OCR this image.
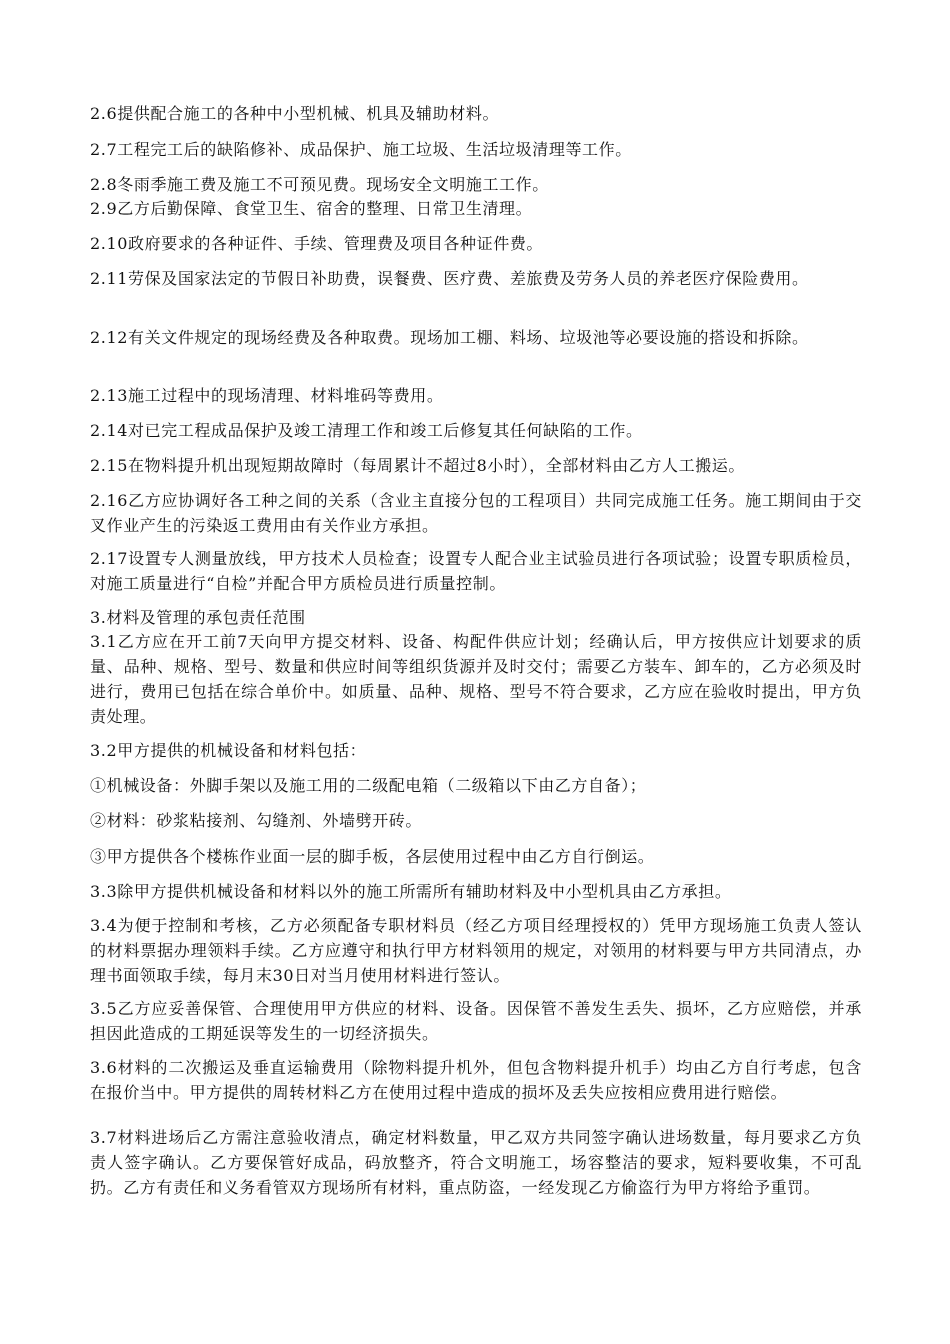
2.6提供配合施工的各种中小型机械、机具及辅助材料。

2.7工程完工后的缺陷修补、成品保护、施工垃圾、生活垃圾清理等工作。

2.8冬雨季施工费及施工不可预见费。现场安全文明施工工作。

2.9乙方后勤保障、食堂卫生、宿舍的整理、日常卫生清理。

2.10政府要求的各种证件、手续、管理费及项目各种证件费。

2.11劳保及国家法定的节假日补助费，误餐费、医疗费、差旅费及劳务人员的养老医疗保险费用。

2.12有关文件规定的现场经费及各种取费。现场加工棚、料场、垃圾池等必要设施的搭设和拆除。

2.13施工过程中的现场清理、材料堆码等费用。

2.14对已完工程成品保护及竣工清理工作和竣工后修复其任何缺陷的工作。

2.15在物料提升机出现短期故障时（每周累计不超过8小时），全部材料由乙方人工搬运。

2.16乙方应协调好各工种之间的关系（含业主直接分包的工程项目）共同完成施工任务。施工期间由于交叉作业产生的污染返工费用由有关作业方承担。

2.17设置专人测量放线，甲方技术人员检查；设置专人配合业主试验员进行各项试验；设置专职质检员，对施工质量进行“自检”并配合甲方质检员进行质量控制。

3.材料及管理的承包责任范围

3.1乙方应在开工前7天向甲方提交材料、设备、构配件供应计划；经确认后，甲方按供应计划要求的质量、品种、规格、型号、数量和供应时间等组织货源并及时交付；需要乙方装车、卸车的，乙方必须及时进行，费用已包括在综合单价中。如质量、品种、规格、型号不符合要求，乙方应在验收时提出，甲方负责处理。

3.2甲方提供的机械设备和材料包括：

①机械设备：外脚手架以及施工用的二级配电箱（二级箱以下由乙方自备）；

②材料：砂浆粘接剂、勾缝剂、外墙劈开砖。

③甲方提供各个楼栋作业面一层的脚手板，各层使用过程中由乙方自行倒运。

3.3除甲方提供机械设备和材料以外的施工所需所有辅助材料及中小型机具由乙方承担。

3.4为便于控制和考核，乙方必须配备专职材料员（经乙方项目经理授权的）凭甲方现场施工负责人签认的材料票据办理领料手续。乙方应遵守和执行甲方材料领用的规定，对领用的材料要与甲方共同清点，办理书面领取手续，每月末30日对当月使用材料进行签认。

3.5乙方应妥善保管、合理使用甲方供应的材料、设备。因保管不善发生丢失、损坏，乙方应赔偿，并承担因此造成的工期延误等发生的一切经济损失。

3.6材料的二次搬运及垂直运输费用（除物料提升机外，但包含物料提升机手）均由乙方自行考虑，包含在报价当中。甲方提供的周转材料乙方在使用过程中造成的损坏及丢失应按相应费用进行赔偿。

3.7材料进场后乙方需注意验收清点，确定材料数量，甲乙双方共同签字确认进场数量，每月要求乙方负责人签字确认。乙方要保管好成品，码放整齐，符合文明施工，场容整洁的要求，短料要收集，不可乱扔。乙方有责任和义务看管双方现场所有材料，重点防盗，一经发现乙方偷盗行为甲方将给予重罚。
